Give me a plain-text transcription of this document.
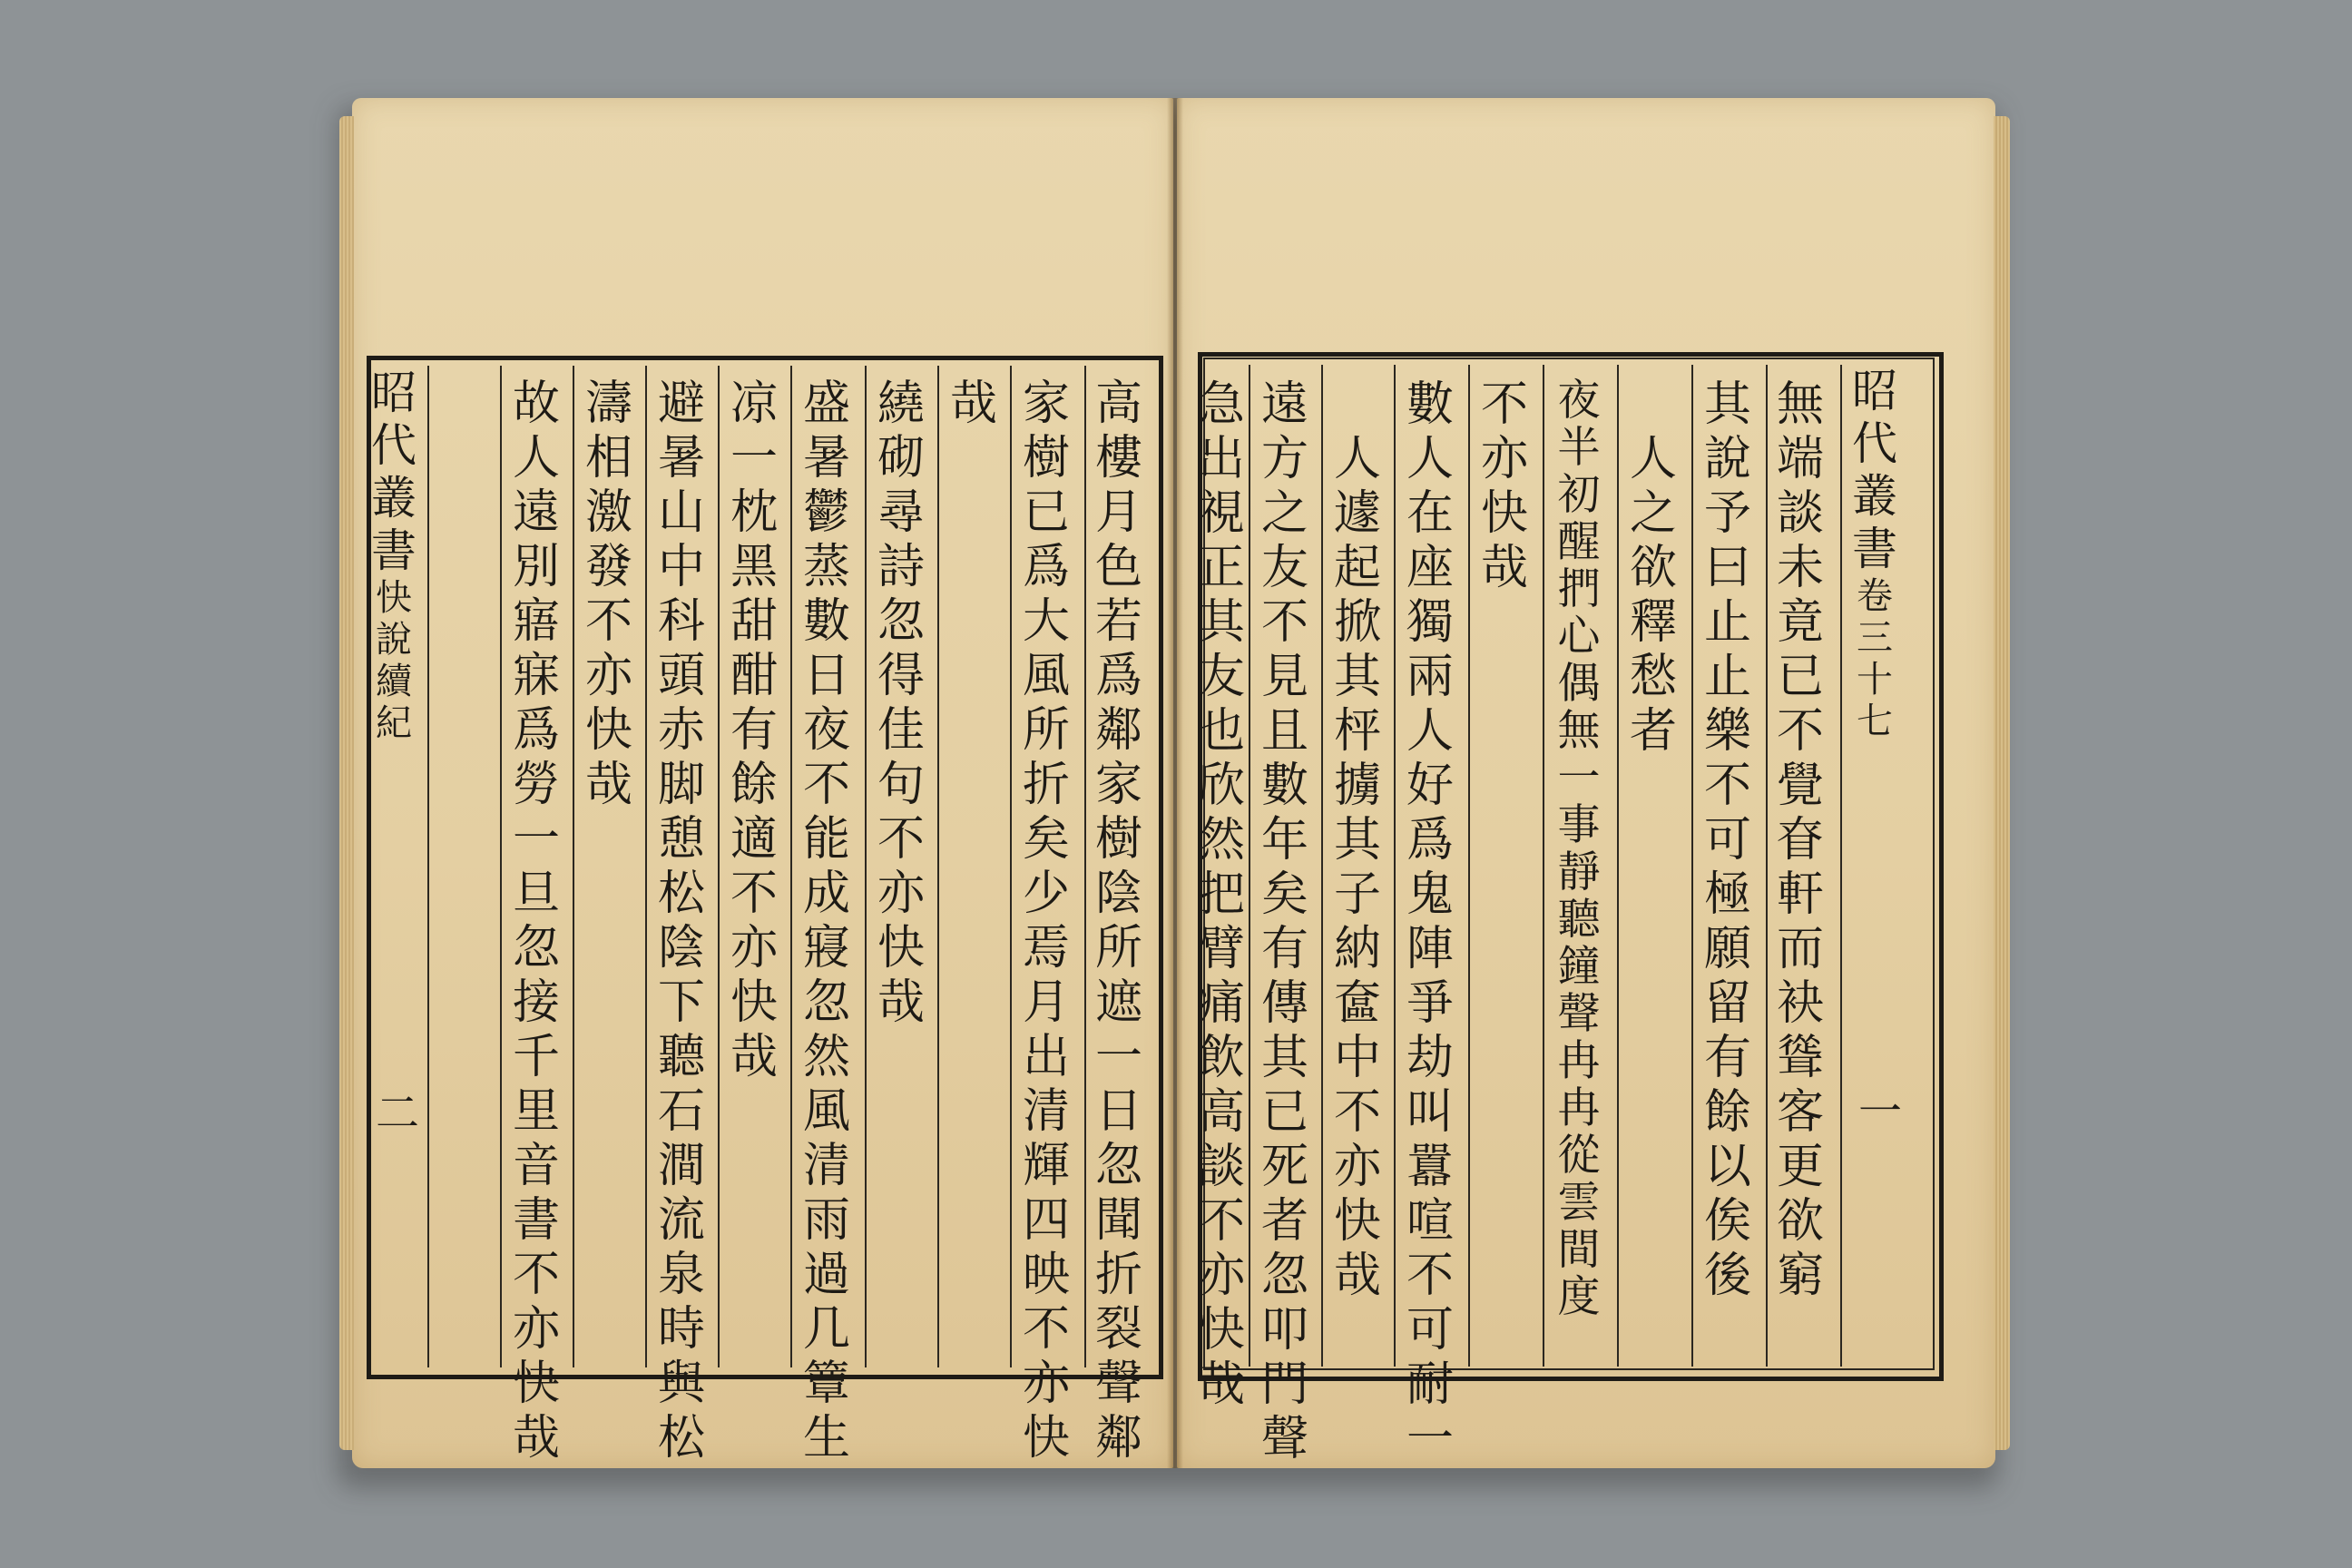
昭代叢書
卷三十七
一
無端談未竟已不覺眘軒而袂聳客更欲窮
其說予曰止止樂不可極願留有餘以俟後
人之欲釋愁者
夜半初醒捫心偶無一事靜聽鐘聲冉冉從雲間度
不亦快哉
數人在座獨兩人好爲鬼陣爭劫叫囂喧不可耐一
人遽起掀其枰擄其子納奩中不亦快哉
遠方之友不見且數年矣有傳其已死者忽叩門聲
急出視正其友也欣然把臂痛飲高談不亦快哉
高樓月色若爲鄰家樹陰所遮一日忽聞折裂聲鄰
家樹已爲大風所折矣少焉月出清輝四映不亦快
哉
繞砌尋詩忽得佳句不亦快哉
盛暑鬱蒸數日夜不能成寢忽然風清雨過几簟生
凉一枕黑甜酣有餘適不亦快哉
避暑山中科頭赤脚憩松陰下聽石澗流泉時與松
濤相激發不亦快哉
故人遠別寤寐爲勞一旦忽接千里音書不亦快哉
昭代叢書
快說續紀
二
